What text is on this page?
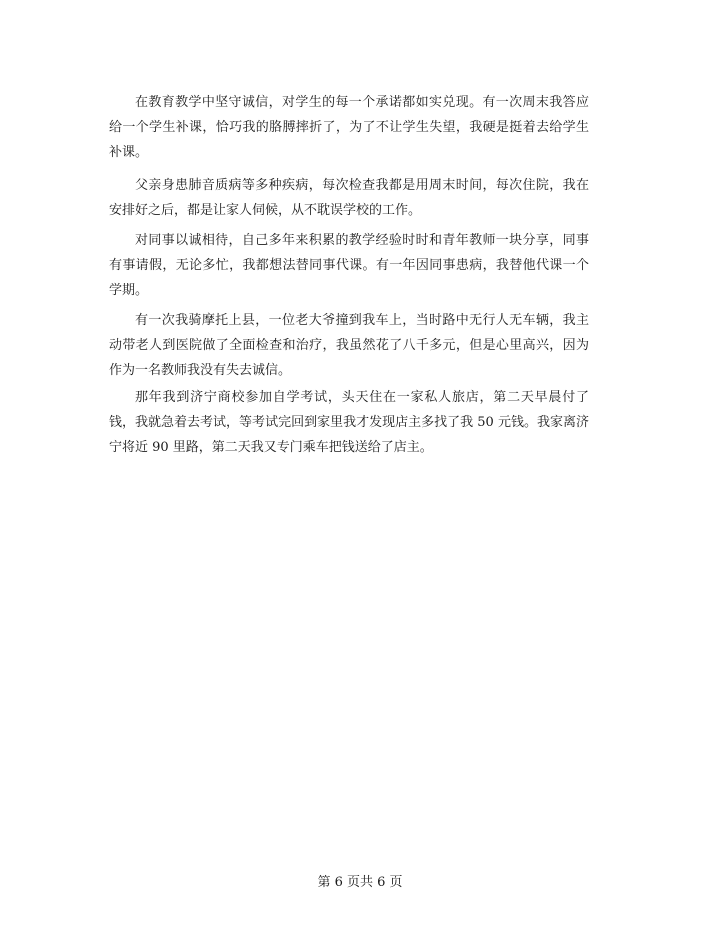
在教育教学中坚守诚信，对学生的每一个承诺都如实兑现。有一次周末我答应给一个学生补课，恰巧我的胳膊摔折了，为了不让学生失望，我硬是挺着去给学生补课。

父亲身患肺音质病等多种疾病，每次检查我都是用周末时间，每次住院，我在安排好之后，都是让家人伺候，从不耽误学校的工作。

对同事以诚相待，自己多年来积累的教学经验时时和青年教师一块分享，同事有事请假，无论多忙，我都想法替同事代课。有一年因同事患病，我替他代课一个学期。

有一次我骑摩托上县，一位老大爷撞到我车上，当时路中无行人无车辆，我主动带老人到医院做了全面检查和治疗，我虽然花了八千多元，但是心里高兴，因为作为一名教师我没有失去诚信。

那年我到济宁商校参加自学考试，头天住在一家私人旅店，第二天早晨付了钱，我就急着去考试，等考试完回到家里我才发现店主多找了我 50 元钱。我家离济宁将近 90 里路，第二天我又专门乘车把钱送给了店主。

第 6 页共 6 页
